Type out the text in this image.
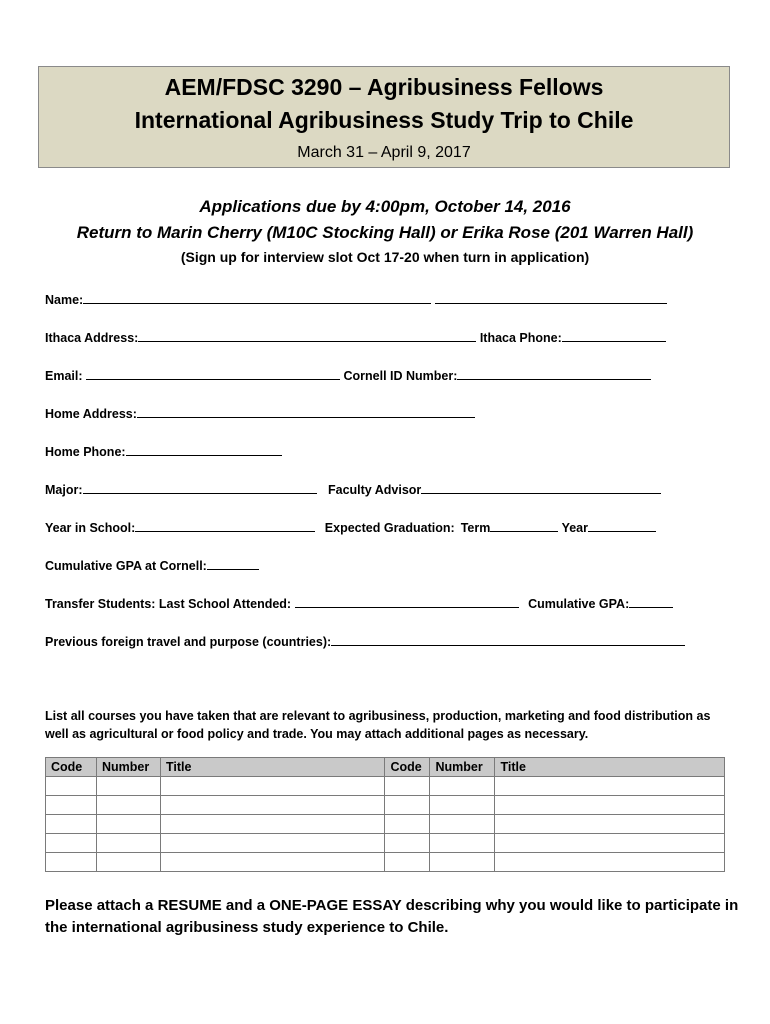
AEM/FDSC 3290 – Agribusiness Fellows
International Agribusiness Study Trip to Chile
March 31 – April 9, 2017
Applications due by 4:00pm, October 14, 2016
Return to Marin Cherry (M10C Stocking Hall) or Erika Rose (201 Warren Hall)
(Sign up for interview slot Oct 17-20 when turn in application)
Name:
Ithaca Address:	Ithaca Phone:
Email:	Cornell ID Number:
Home Address:
Home Phone:
Major:	Faculty Advisor
Year in School:	Expected Graduation: Term	Year
Cumulative GPA at Cornell:
Transfer Students: Last School Attended:	Cumulative GPA:
Previous foreign travel and purpose (countries):
List all courses you have taken that are relevant to agribusiness, production, marketing and food distribution as well as agricultural or food policy and trade. You may attach additional pages as necessary.
Code	Number	Title	Code	Number	Title

Please attach a RESUME and a ONE-PAGE ESSAY describing why you would like to participate in the international agribusiness study experience to Chile.
